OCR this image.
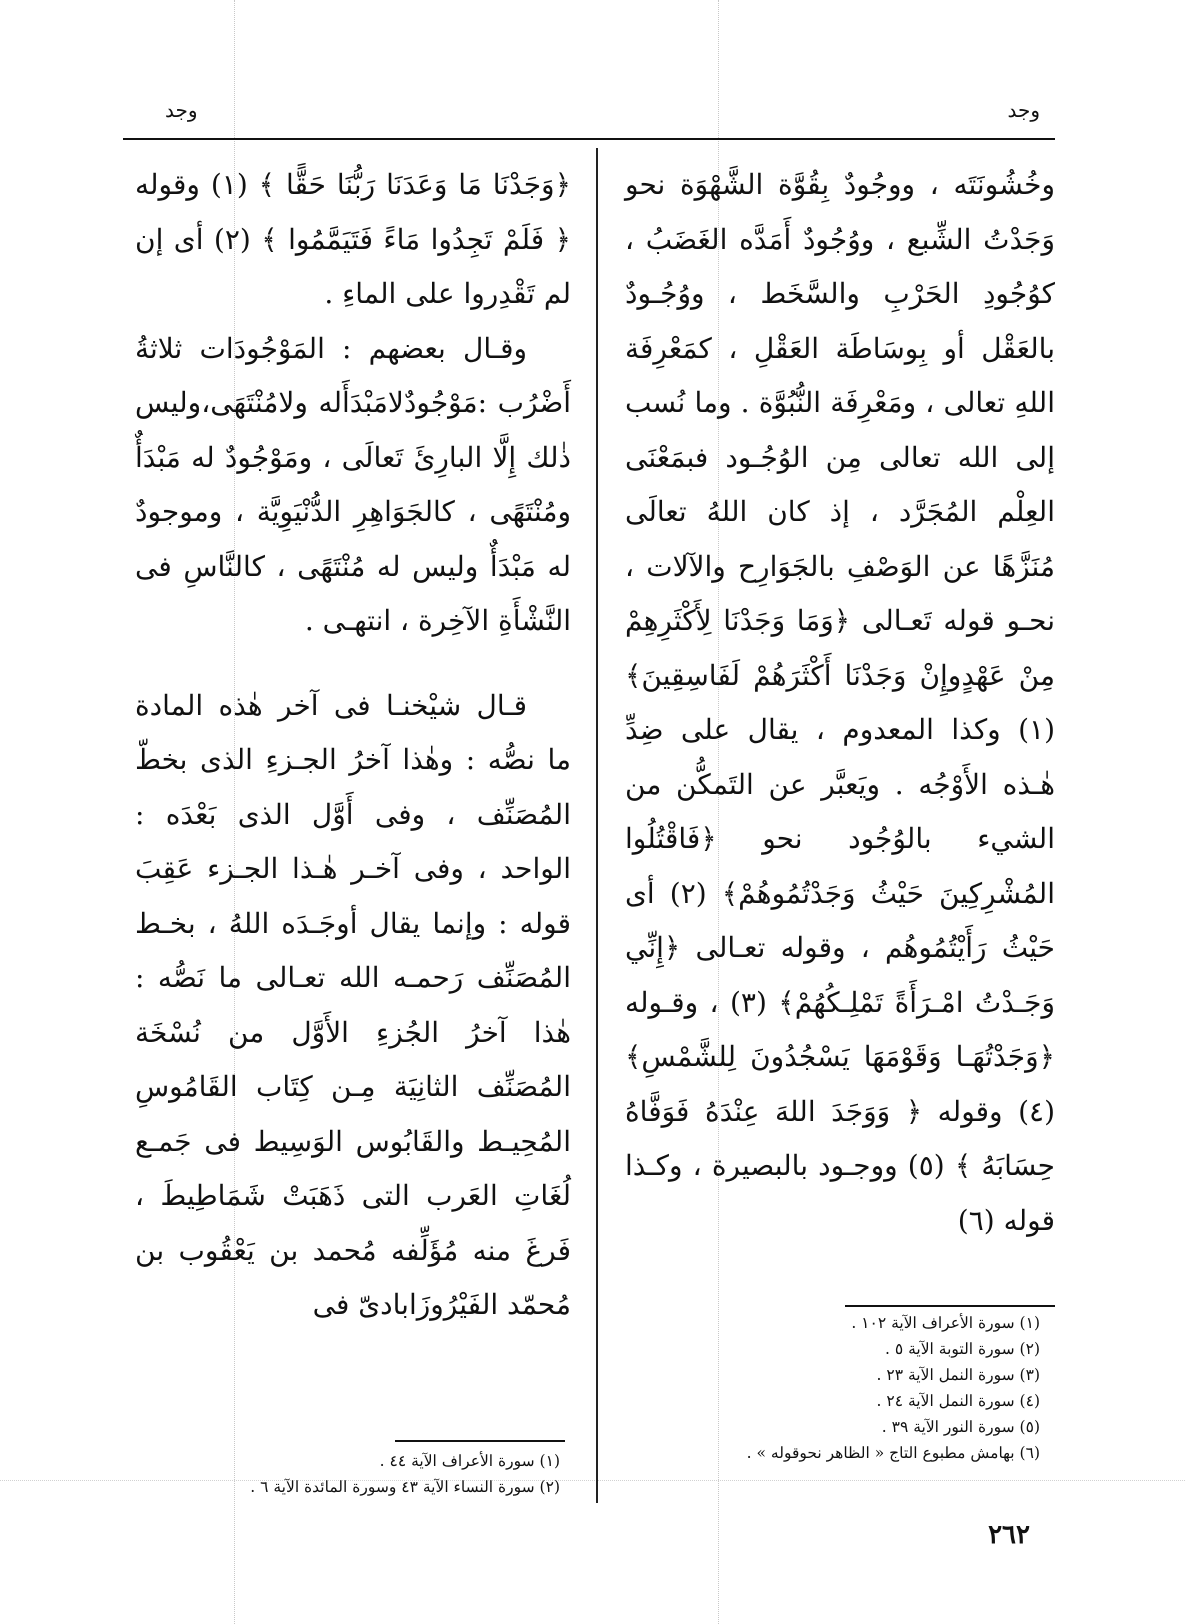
وجد
وجد

وخُشُونَتَه ، ووجُودٌ بِقُوَّة الشَّهْوَة نحو وَجَدْتُ الشِّبع ، ووُجُودٌ أَمَدَّه الغَضَبُ ، كوُجُودِ الحَرْبِ والسَّخَط ، ووُجُـودٌ بالعَقْل أو بِوسَاطَة العَقْلِ ، كمَعْرِفَة اللهِ تعالى ، ومَعْرِفَة النُّبُوَّة . وما نُسب إلى الله تعالى مِن الوُجُـود فبمَعْنَى العِلْم المُجَرَّد ، إذ كان اللهُ تعالَى مُنَزَّهًا عن الوَصْفِ بالجَوَارِح والآلات ، نحـو قوله تَعـالى ﴿وَمَا وَجَدْنَا لِأَكْثَرِهِمْ مِنْ عَهْدٍوإِنْ وَجَدْنَا أَكْثَرَهُمْ لَفَاسِقِينَ﴾ (١) وكذا المعدوم ، يقال على ضِدِّ هٰـذه الأَوْجُه . ويَعبَّر عن التَمكُّن من الشيء بالوُجُود نحو ﴿فَاقْتُلُوا المُشْرِكِينَ حَيْثُ وَجَدْتُمُوهُمْ﴾ (٢) أى حَيْثُ رَأَيْتُمُوهُم ، وقوله تعـالى ﴿إِنِّي وَجَـدْتُ امْـرَأَةً تَمْلِـكُهُمْ﴾ (٣) ، وقـوله ﴿وَجَدْتُهَـا وَقَوْمَهَا يَسْجُدُونَ لِلشَّمْسِ﴾ (٤) وقوله ﴿ وَوَجَدَ اللهَ عِنْدَهُ فَوَفَّاهُ حِسَابَهُ ﴾ (٥) ووجـود بالبصيرة ، وكـذا قوله (٦)

﴿وَجَدْنَا مَا وَعَدَنَا رَبُّنَا حَقًّا ﴾ (١) وقوله ﴿ فَلَمْ تَجِدُوا مَاءً فَتَيَمَّمُوا ﴾ (٢) أى إن لم تَقْدِروا على الماءِ .

وقـال بعضهم : المَوْجُودَات ثلاثةُ أَضْرُب :مَوْجُودٌلامَبْدَأَله ولامُنْتَهَى،وليس ذٰلك إِلَّا البارِئَ تَعالَى ، ومَوْجُودٌ له مَبْدَأٌ ومُنْتَهًى ، كالجَوَاهِرِ الدُّنْيَوِيَّة ، وموجودٌ له مَبْدَأٌ وليس له مُنْتَهًى ، كالنَّاسِ فى النَّشْأَةِ الآخِرة ، انتهـى .

قـال شيْخنـا فى آخر هٰذه المادة ما نصُّه : وهٰذا آخرُ الجـزءِ الذى بخطّ المُصَنِّف ، وفى أَوَّل الذى بَعْدَه : الواحد ، وفى آخـر هٰـذا الجـزء عَقِبَ قوله : وإنما يقال أوجَـدَه اللهُ ، بخـط المُصَنِّف رَحمـه الله تعـالى ما نَصُّه : هٰذا آخرُ الجُزءِ الأَوَّل من نُسْخَة المُصَنِّف الثانِيَة مِـن كِتَاب القَامُوسِ المُحِيـط والقَابُوس الوَسِيط فى جَمـع لُغَاتِ العَرب التى ذَهَبَتْ شَمَاطِيطَ ، فَرغَ منه مُؤَلِّفه مُحمد بن يَعْقُوب بن مُحمّد الفَيْرُوزَابادىّ فى

(١) سورة الأعراف الآية ١٠٢ .
(٢) سورة التوبة الآية ٥ .
(٣) سورة النمل الآية ٢٣ .
(٤) سورة النمل الآية ٢٤ .
(٥) سورة النور الآية ٣٩ .
(٦) بهامش مطبوع التاج « الظاهر نحوقوله » .
(١) سورة الأعراف الآية ٤٤ .
(٢) سورة النساء الآية ٤٣ وسورة المائدة الآية ٦ .
٢٦٢
